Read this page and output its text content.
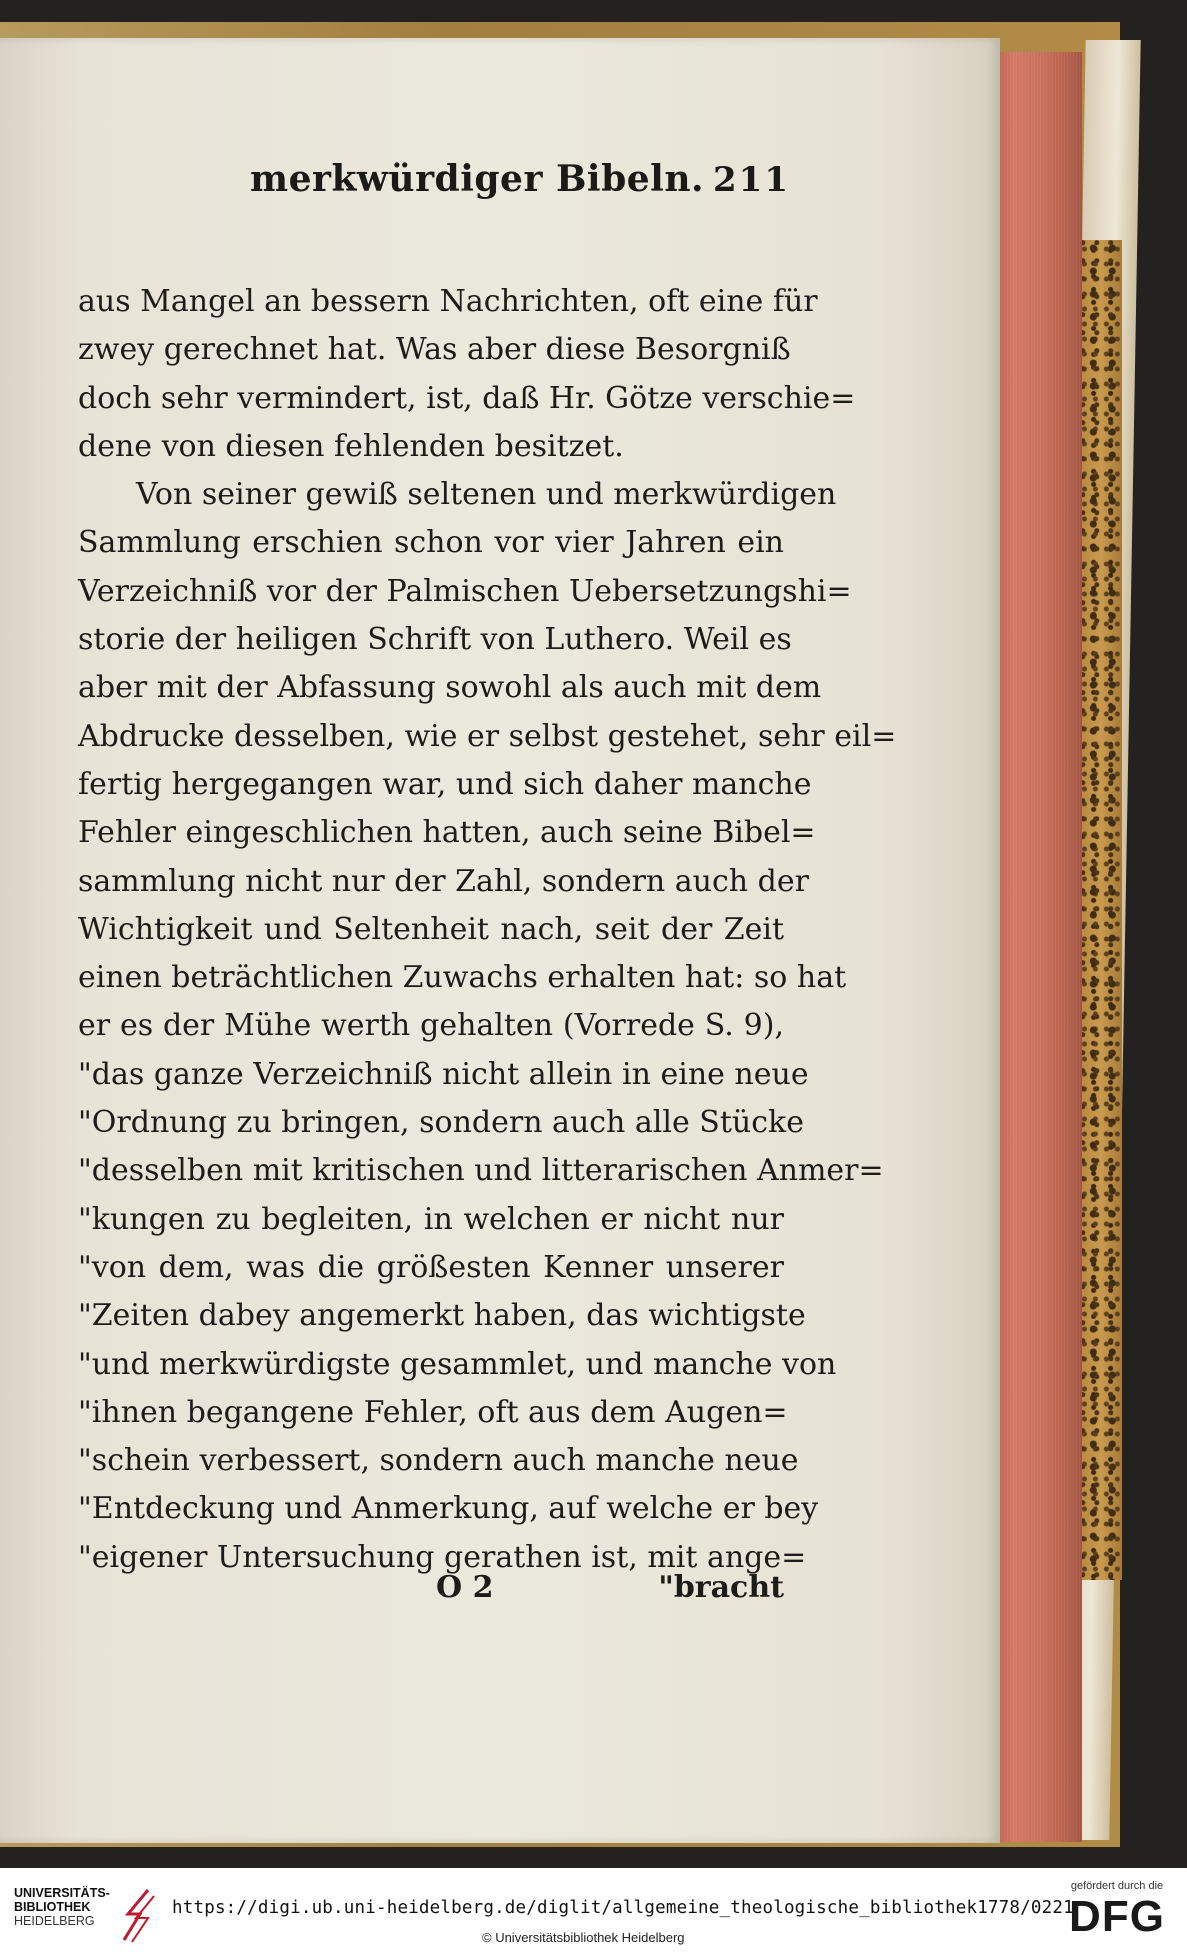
merkwürdiger Bibeln. 211
aus Mangel an bessern Nachrichten, oft eine für
zwey gerechnet hat. Was aber diese Besorgniß
doch sehr vermindert, ist, daß Hr. Götze verschie=
dene von diesen fehlenden besitzet.
Von seiner gewiß seltenen und merkwürdigen
Sammlung erschien schon vor vier Jahren ein
Verzeichniß vor der Palmischen Uebersetzungshi=
storie der heiligen Schrift von Luthero. Weil es
aber mit der Abfassung sowohl als auch mit dem
Abdrucke desselben, wie er selbst gestehet, sehr eil=
fertig hergegangen war, und sich daher manche
Fehler eingeschlichen hatten, auch seine Bibel=
sammlung nicht nur der Zahl, sondern auch der
Wichtigkeit und Seltenheit nach, seit der Zeit
einen beträchtlichen Zuwachs erhalten hat: so hat
er es der Mühe werth gehalten (Vorrede S. 9),
"das ganze Verzeichniß nicht allein in eine neue
"Ordnung zu bringen, sondern auch alle Stücke
"desselben mit kritischen und litterarischen Anmer=
"kungen zu begleiten, in welchen er nicht nur
"von dem, was die größesten Kenner unserer
"Zeiten dabey angemerkt haben, das wichtigste
"und merkwürdigste gesammlet, und manche von
"ihnen begangene Fehler, oft aus dem Augen=
"schein verbessert, sondern auch manche neue
"Entdeckung und Anmerkung, auf welche er bey
"eigener Untersuchung gerathen ist, mit ange=
O 2	"bracht
UNIVERSITÄTS-
BIBLIOTHEK
HEIDELBERG
https://digi.ub.uni-heidelberg.de/diglit/allgemeine_theologische_bibliothek1778/0221
© Universitätsbibliothek Heidelberg
gefördert durch die
DFG
